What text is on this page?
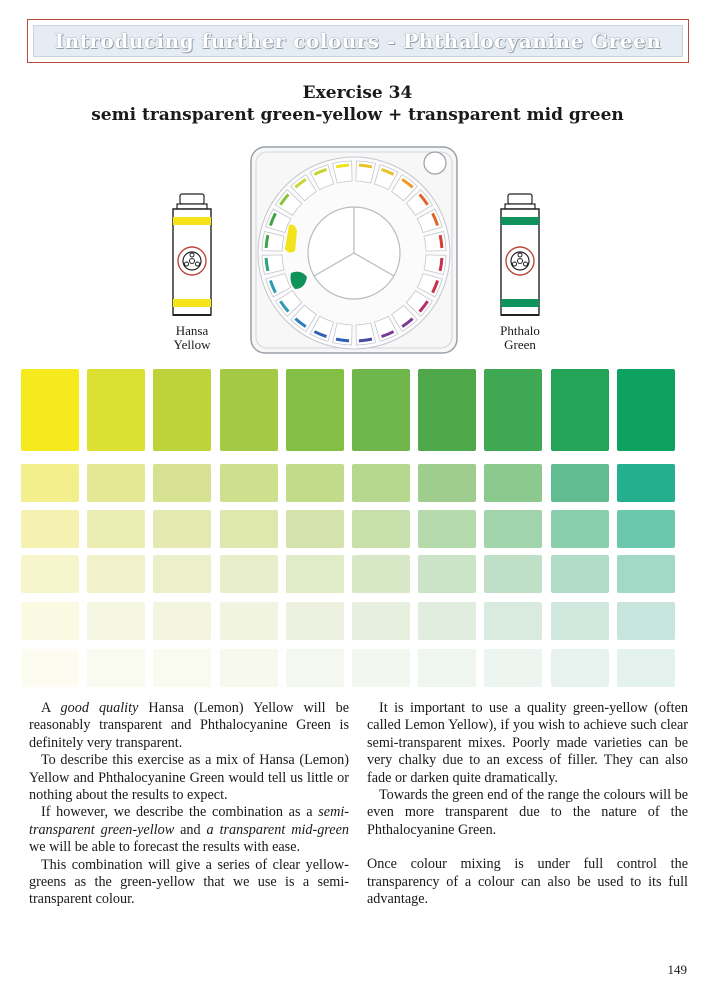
Introducing further colours - Phthalocyanine Green
Exercise 34
semi transparent green-yellow + transparent mid green
Hansa
Yellow
Phthalo
Green

A good quality Hansa (Lemon) Yellow will be reasonably transparent and Phthalocyanine Green is definitely very transparent.

To describe this exercise as a mix of Hansa (Lemon) Yellow and Phthalocyanine Green would tell us little or nothing about the results to expect.

If however, we describe the combination as a semi-transparent green-yellow and a transparent mid-green we will be able to forecast the results with ease.

This combination will give a series of clear yellow-greens as the green-yellow that we use is a semi-transparent colour.

It is important to use a quality green-yellow (often called Lemon Yellow), if you wish to achieve such clear semi-transparent mixes. Poorly made varieties can be very chalky due to an excess of filler. They can also fade or darken quite dramatically.

Towards the green end of the range the colours will be even more transparent due to the nature of the Phthalocyanine Green.

Once colour mixing is under full control the transparency of a colour can also be used to its full advantage.

149
